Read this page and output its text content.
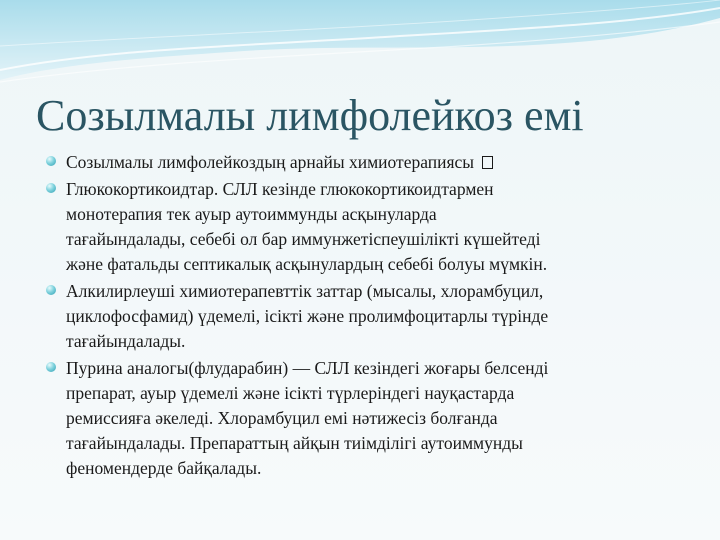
Созылмалы лимфолейкоз емі
Созылмалы лимфолейкоздың арнайы химиотерапиясы
Глюкокортикоидтар. СЛЛ кезінде глюкокортикоидтармен
монотерапия тек ауыр аутоиммунды асқынуларда
тағайындалады, себебі ол бар иммунжетіспеушілікті күшейтеді
және фатальды септикалық асқынулардың себебі болуы мүмкін.
Алкилирлеуші химиотерапевттік заттар (мысалы, хлорамбуцил,
циклофосфамид) үдемелі, ісікті және пролимфоцитарлы түрінде
тағайындалады.
Пурина аналогы(флударабин) — СЛЛ кезіндегі жоғары белсенді
препарат, ауыр үдемелі және ісікті түрлеріндегі науқастарда
ремиссияға әкеледі. Хлорамбуцил емі нәтижесіз болғанда
тағайындалады. Препараттың айқын тиімділігі аутоиммунды
феномендерде байқалады.
